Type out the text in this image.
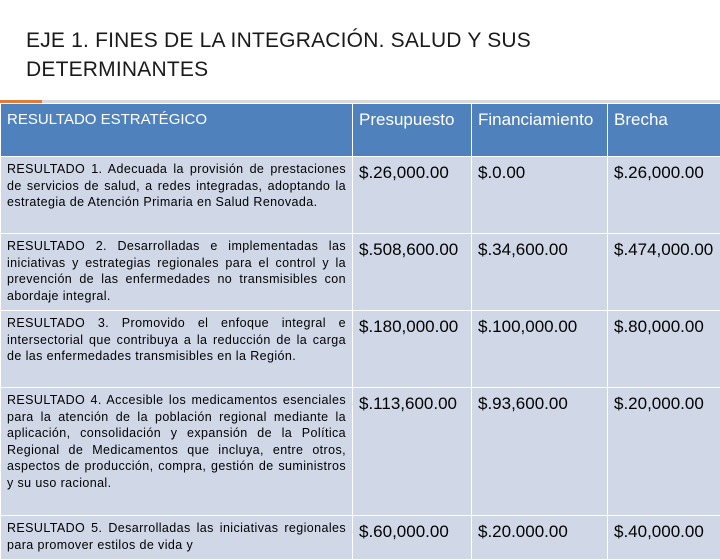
EJE 1. FINES DE LA INTEGRACIÓN. SALUD Y SUS DETERMINANTES
RESULTADO ESTRATÉGICO	Presupuesto	Financiamiento	Brecha
RESULTADO 1. Adecuada la provisión de prestaciones de servicios de salud, a redes integradas, adoptando la estrategia de Atención Primaria en Salud Renovada.	$.26,000.00	$.0.00	$.26,000.00
RESULTADO 2. Desarrolladas e implementadas las iniciativas y estrategias regionales para el control y la prevención de las enfermedades no transmisibles con abordaje integral.	$.508,600.00	$.34,600.00	$.474,000.00
RESULTADO 3. Promovido el enfoque integral e intersectorial que contribuya a la reducción de la carga de las enfermedades transmisibles en la Región.	$.180,000.00	$.100,000.00	$.80,000.00
RESULTADO 4. Accesible los medicamentos esenciales para la atención de la población regional mediante la aplicación, consolidación y expansión de la Política Regional de Medicamentos que incluya, entre otros, aspectos de producción, compra, gestión de suministros y su uso racional.	$.113,600.00	$.93,600.00	$.20,000.00
RESULTADO 5. Desarrolladas las iniciativas regionales para promover estilos de vida y	$.60,000.00	$.20.000.00	$.40,000.00
